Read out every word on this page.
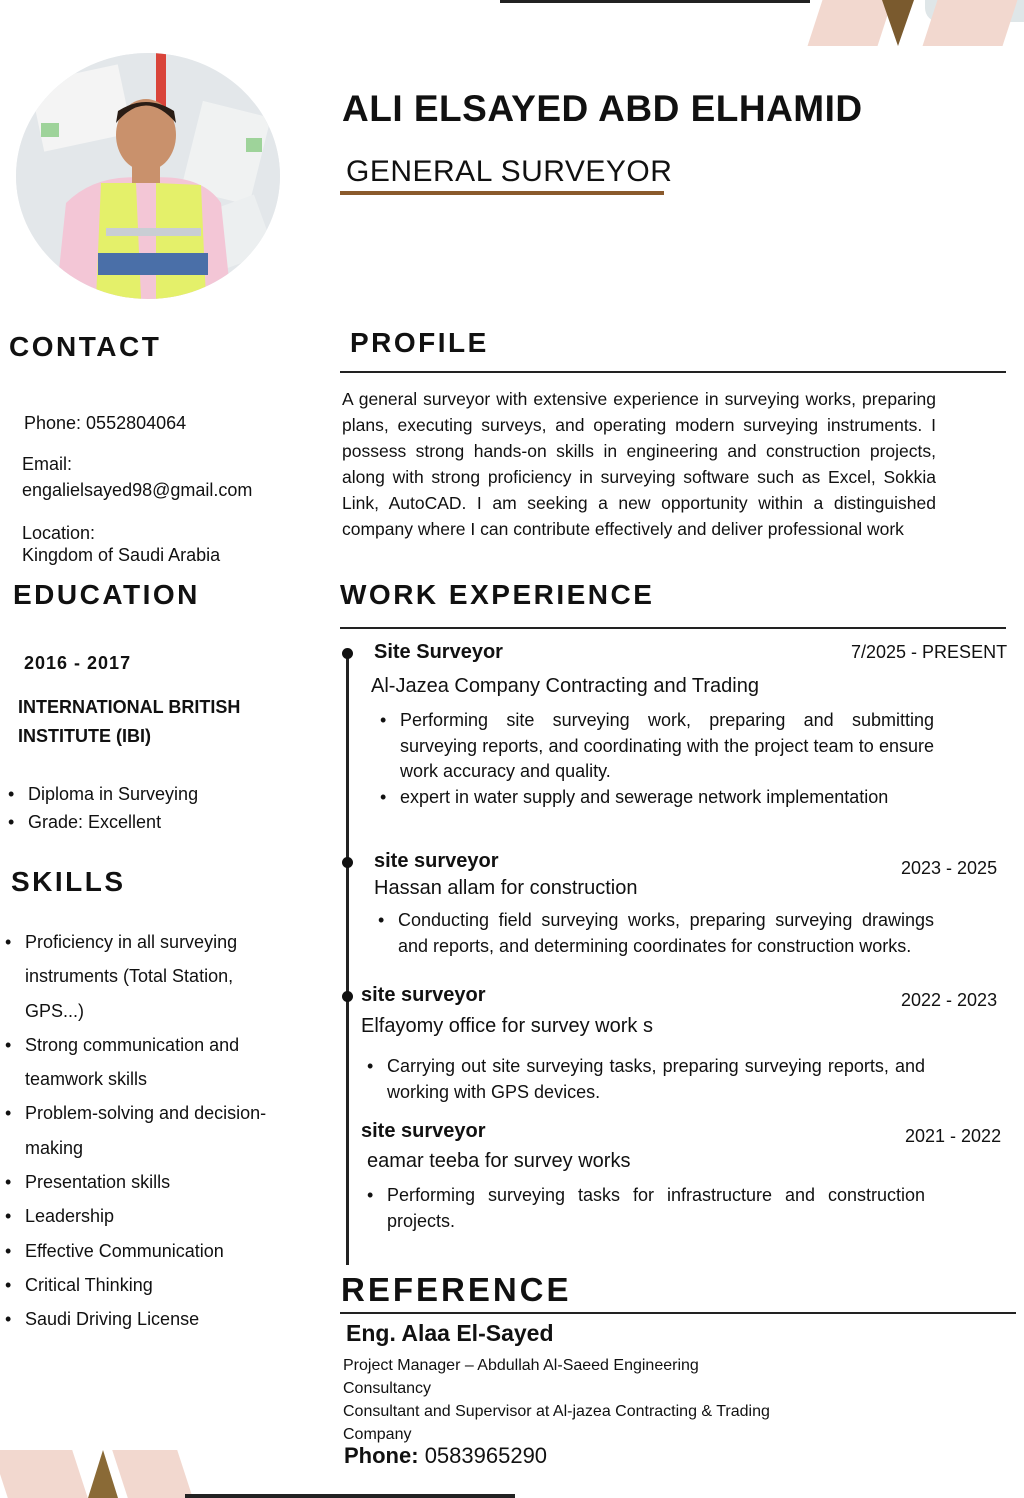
ALI ELSAYED ABD ELHAMID
GENERAL SURVEYOR
CONTACT
Phone: 0552804064
Email:
engalielsayed98@gmail.com
Location:
Kingdom of Saudi Arabia
EDUCATION
2016 - 2017
INTERNATIONAL BRITISH
INSTITUTE (IBI)
• Diploma in Surveying
• Grade: Excellent
SKILLS
• Proficiency in all surveying instruments (Total Station, GPS...)
• Strong communication and teamwork skills
• Problem-solving and decision-making
• Presentation skills
• Leadership
• Effective Communication
• Critical Thinking
• Saudi Driving License
PROFILE
A general surveyor with extensive experience in surveying works, preparing plans, executing surveys, and operating modern surveying instruments. I possess strong hands-on skills in engineering and construction projects, along with strong proficiency in surveying software such as Excel, Sokkia Link, AutoCAD. I am seeking a new opportunity within a distinguished company where I can contribute effectively and deliver professional work
WORK EXPERIENCE
Site Surveyor	7/2025 - PRESENT
Al-Jazea Company Contracting and Trading
• Performing site surveying work, preparing and submitting surveying reports, and coordinating with the project team to ensure work accuracy and quality.
• expert in water supply and sewerage network implementation
site surveyor	2023 - 2025
Hassan allam for construction
• Conducting field surveying works, preparing surveying drawings and reports, and determining coordinates for construction works.
site surveyor	2022 - 2023
Elfayomy office for survey work s
• Carrying out site surveying tasks, preparing surveying reports, and working with GPS devices.
site surveyor	2021 - 2022
eamar teeba for survey works
• Performing surveying tasks for infrastructure and construction projects.
REFERENCE
Eng. Alaa El-Sayed
Project Manager – Abdullah Al-Saeed Engineering
Consultancy
Consultant and Supervisor at Al-jazea Contracting & Trading
Company
Phone: 0583965290
